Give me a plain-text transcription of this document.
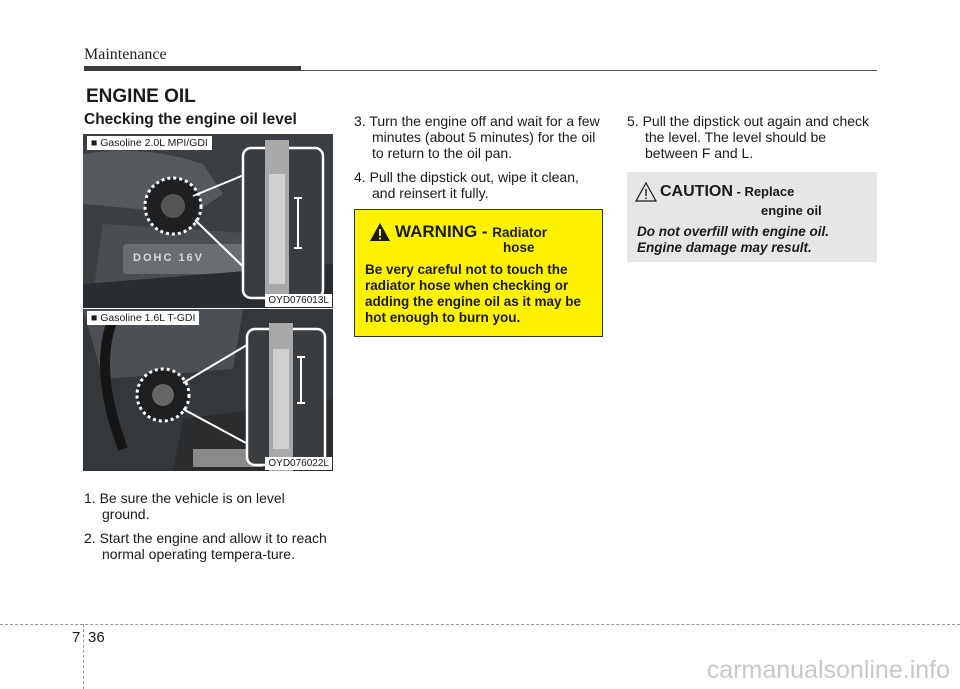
Maintenance
ENGINE OIL
Checking the engine oil level
DOHC 16V
■ Gasoline 2.0L MPI/GDI
OYD076013L
■ Gasoline 1.6L T-GDI
OYD076022L

1. Be sure the vehicle is on level ground.

2. Start the engine and allow it to reach normal operating tempera-ture.

3. Turn the engine off and wait for a few minutes (about 5 minutes) for the oil to return to the oil pan.

4. Pull the dipstick out, wipe it clean, and reinsert it fully.

5. Pull the dipstick out again and check the level. The level should be between F and L.

WARNING - Radiator
hose
Be very careful not to touch the radiator hose when checking or adding the engine oil as it may be hot enough to burn you.
CAUTION - Replace
engine oil
Do not overfill with engine oil. Engine damage may result.
7 36
carmanualsonline.info
